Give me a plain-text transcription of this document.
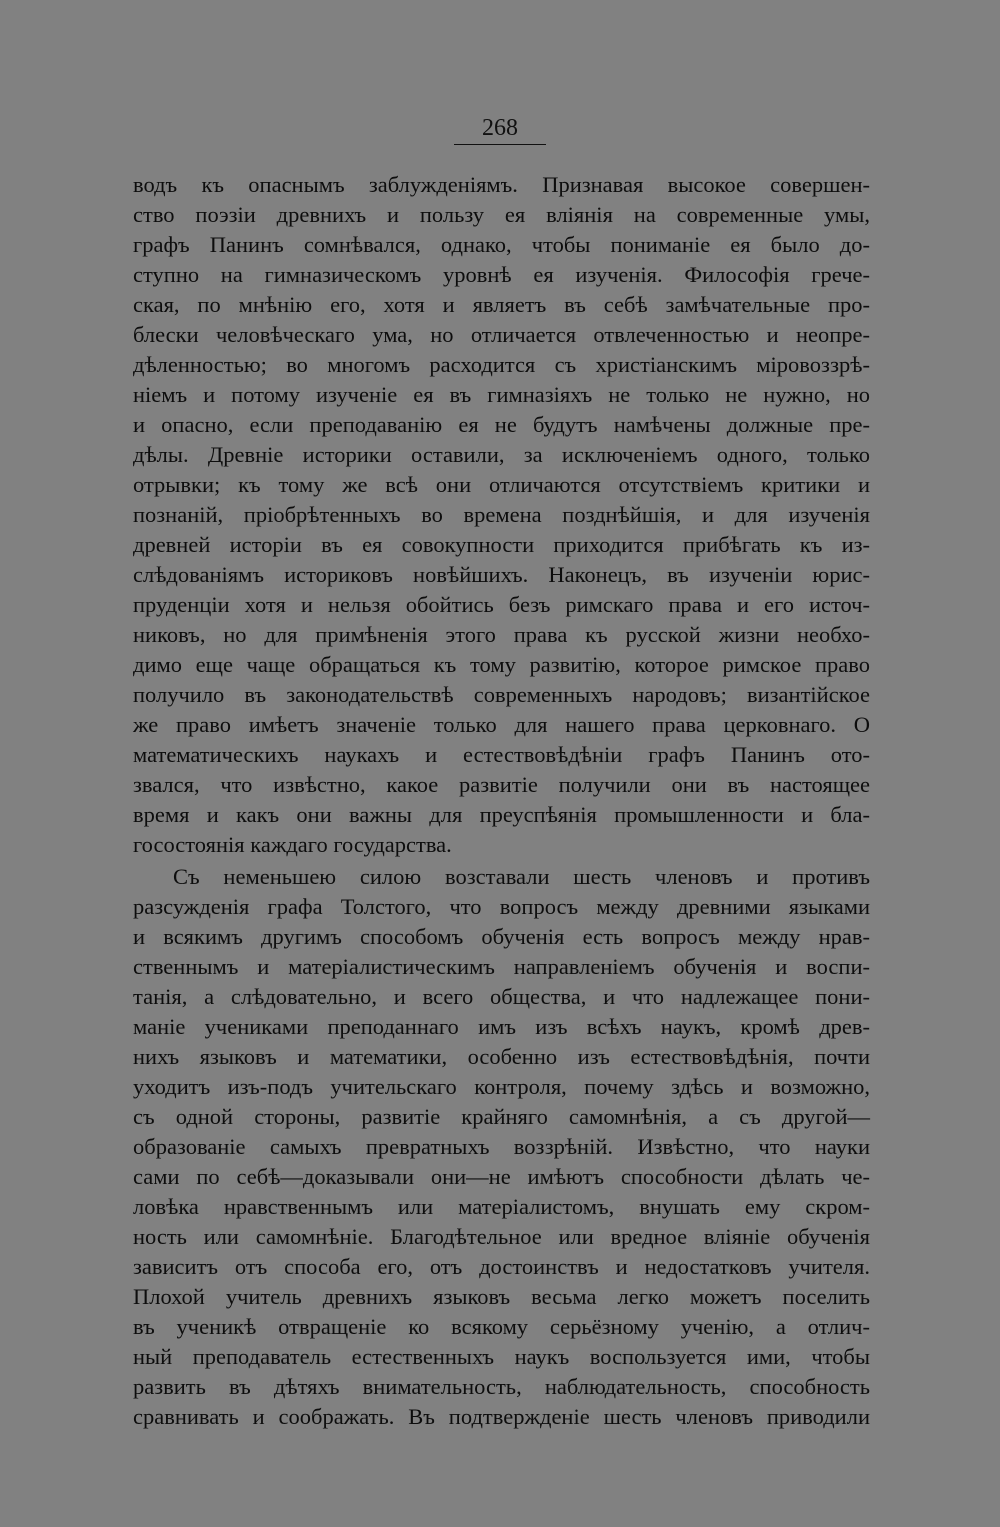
268
водъ къ опаснымъ заблужденіямъ. Признавая высокое совершен-
ство поэзіи древнихъ и пользу ея вліянія на современные умы,
графъ Панинъ сомнѣвался, однако, чтобы пониманіе ея было до-
ступно на гимназическомъ уровнѣ ея изученія. Философія грече-
ская, по мнѣнію его, хотя и являетъ въ себѣ замѣчательные про-
блески человѣческаго ума, но отличается отвлеченностью и неопре-
дѣленностью; во многомъ расходится съ христіанскимъ міровоззрѣ-
ніемъ и потому изученіе ея въ гимназіяхъ не только не нужно, но
и опасно, если преподаванію ея не будутъ намѣчены должные пре-
дѣлы. Древніе историки оставили, за исключеніемъ одного, только
отрывки; къ тому же всѣ они отличаются отсутствіемъ критики и
познаній, пріобрѣтенныхъ во времена позднѣйшія, и для изученія
древней исторіи въ ея совокупности приходится прибѣгать къ из-
слѣдованіямъ историковъ новѣйшихъ. Наконецъ, въ изученіи юрис-
пруденціи хотя и нельзя обойтись безъ римскаго права и его источ-
никовъ, но для примѣненія этого права къ русской жизни необхо-
димо еще чаще обращаться къ тому развитію, которое римское право
получило въ законодательствѣ современныхъ народовъ; византійское
же право имѣетъ значеніе только для нашего права церковнаго. О
математическихъ наукахъ и естествовѣдѣніи графъ Панинъ ото-
звался, что извѣстно, какое развитіе получили они въ настоящее
время и какъ они важны для преуспѣянія промышленности и бла-
госостоянія каждаго государства.
Съ неменьшею силою возставали шесть членовъ и противъ
разсужденія графа Толстого, что вопросъ между древними языками
и всякимъ другимъ способомъ обученія есть вопросъ между нрав-
ственнымъ и матеріалистическимъ направленіемъ обученія и воспи-
танія, а слѣдовательно, и всего общества, и что надлежащее пони-
маніе учениками преподаннаго имъ изъ всѣхъ наукъ, кромѣ древ-
нихъ языковъ и математики, особенно изъ естествовѣдѣнія, почти
уходитъ изъ-подъ учительскаго контроля, почему здѣсь и возможно,
съ одной стороны, развитіе крайняго самомнѣнія, а съ другой—
образованіе самыхъ превратныхъ воззрѣній. Извѣстно, что науки
сами по себѣ—доказывали они—не имѣютъ способности дѣлать че-
ловѣка нравственнымъ или матеріалистомъ, внушать ему скром-
ность или самомнѣніе. Благодѣтельное или вредное вліяніе обученія
зависитъ отъ способа его, отъ достоинствъ и недостатковъ учителя.
Плохой учитель древнихъ языковъ весьма легко можетъ поселить
въ ученикѣ отвращеніе ко всякому серьёзному ученію, а отлич-
ный преподаватель естественныхъ наукъ воспользуется ими, чтобы
развить въ дѣтяхъ внимательность, наблюдательность, способность
сравнивать и соображать. Въ подтвержденіе шесть членовъ приводили
